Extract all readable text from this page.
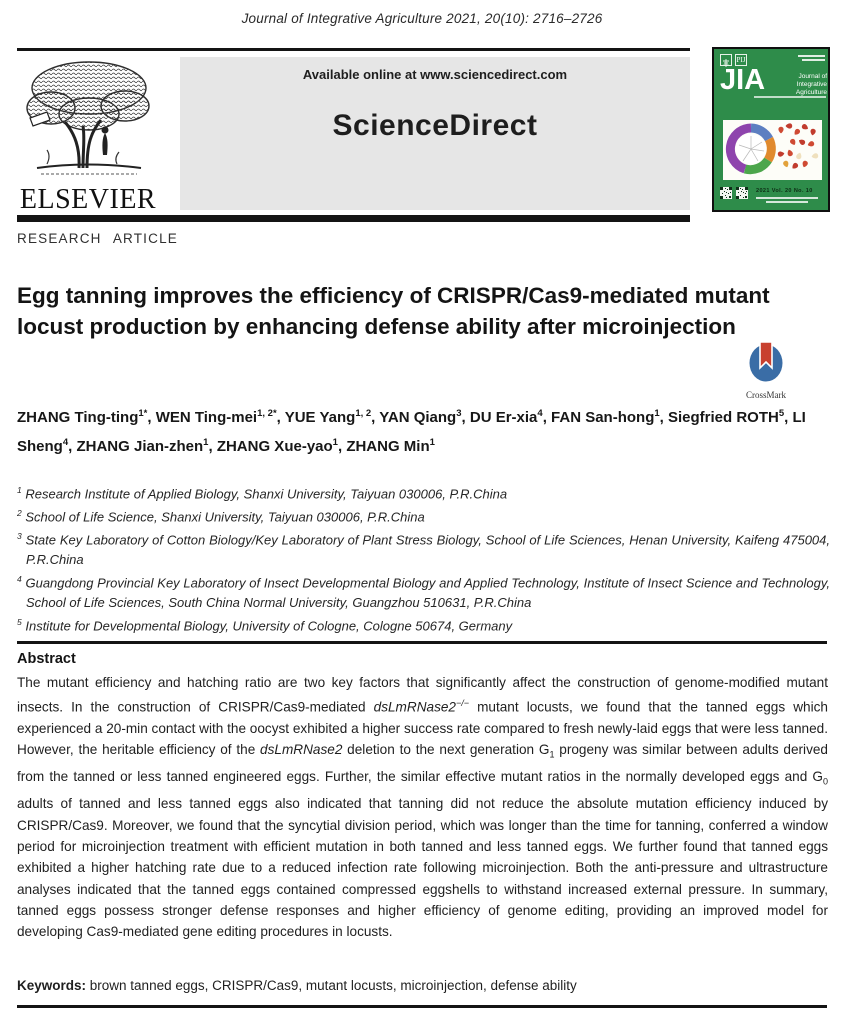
Journal of Integrative Agriculture 2021, 20(10): 2716–2726
ELSEVIER
Available online at www.sciencedirect.com
ScienceDirect
PIJ
JIA	Journal of
Integrative Agriculture
2021 Vol. 20 No. 10
RESEARCH ARTICLE
Egg tanning improves the efficiency of CRISPR/Cas9-mediated mutant locust production by enhancing defense ability after microinjection
CrossMark

ZHANG Ting-ting$^{1*}$, WEN Ting-mei$^{1, 2*}$, YUE Yang$^{1, 2}$, YAN Qiang$^3$, DU Er-xia$^4$, FAN San-hong$^1$, Siegfried ROTH$^5$, LI Sheng$^4$, ZHANG Jian-zhen$^1$, ZHANG Xue-yao$^1$, ZHANG Min$^1$

$^1$ Research Institute of Applied Biology, Shanxi University, Taiyuan 030006, P.R.China
$^2$ School of Life Science, Shanxi University, Taiyuan 030006, P.R.China
$^3$ State Key Laboratory of Cotton Biology/Key Laboratory of Plant Stress Biology, School of Life Sciences, Henan University, Kaifeng 475004, P.R.China
$^4$ Guangdong Provincial Key Laboratory of Insect Developmental Biology and Applied Technology, Institute of Insect Science and Technology, School of Life Sciences, South China Normal University, Guangzhou 510631, P.R.China
$^5$ Institute for Developmental Biology, University of Cologne, Cologne 50674, Germany
Abstract

The mutant efficiency and hatching ratio are two key factors that significantly affect the construction of genome-modified mutant insects. In the construction of CRISPR/Cas9-mediated dsLmRNase2−/− mutant locusts, we found that the tanned eggs which experienced a 20-min contact with the oocyst exhibited a higher success rate compared to fresh newly-laid eggs that were less tanned. However, the heritable efficiency of the dsLmRNase2 deletion to the next generation $G_1$ progeny was similar between adults derived from the tanned or less tanned engineered eggs. Further, the similar effective mutant ratios in the normally developed eggs and $G_0$ adults of tanned and less tanned eggs also indicated that tanning did not reduce the absolute mutation efficiency induced by CRISPR/Cas9. Moreover, we found that the syncytial division period, which was longer than the time for tanning, conferred a window period for microinjection treatment with efficient mutation in both tanned and less tanned eggs. We further found that tanned eggs exhibited a higher hatching rate due to a reduced infection rate following microinjection. Both the anti-pressure and ultrastructure analyses indicated that the tanned eggs contained compressed eggshells to withstand increased external pressure. In summary, tanned eggs possess stronger defense responses and higher efficiency of genome editing, providing an improved model for developing Cas9-mediated gene editing procedures in locusts.

Keywords: brown tanned eggs, CRISPR/Cas9, mutant locusts, microinjection, defense ability
